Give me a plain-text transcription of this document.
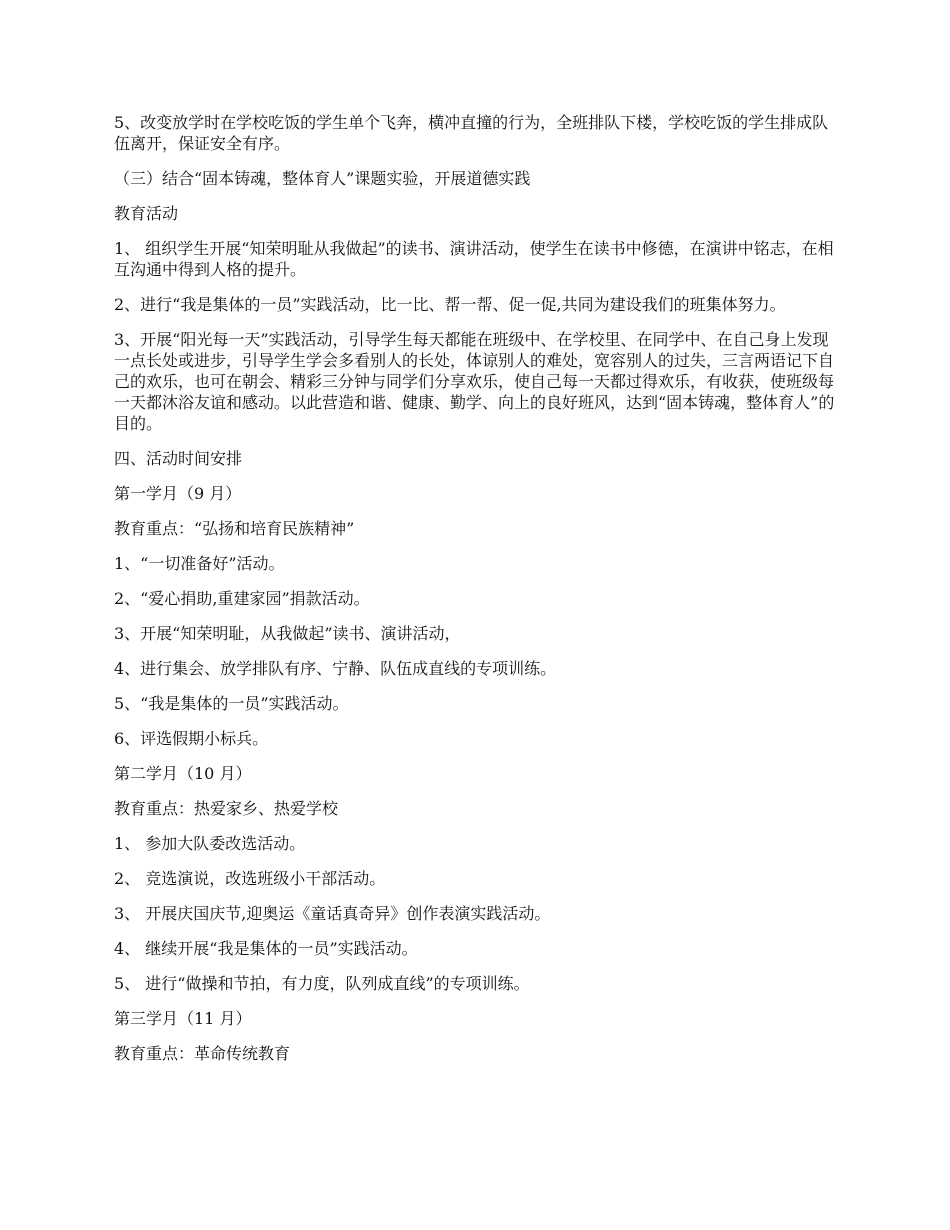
5、改变放学时在学校吃饭的学生单个飞奔，横冲直撞的行为，全班排队下楼，学校吃饭的学生排成队伍离开，保证安全有序。

（三）结合“固本铸魂，整体育人”课题实验，开展道德实践

教育活动

1、 组织学生开展“知荣明耻从我做起”的读书、演讲活动，使学生在读书中修德，在演讲中铭志，在相互沟通中得到人格的提升。

2、进行“我是集体的一员”实践活动，比一比、帮一帮、促一促,共同为建设我们的班集体努力。

3、开展“阳光每一天”实践活动，引导学生每天都能在班级中、在学校里、在同学中、在自己身上发现一点长处或进步，引导学生学会多看别人的长处，体谅别人的难处，宽容别人的过失，三言两语记下自己的欢乐，也可在朝会、精彩三分钟与同学们分享欢乐，使自己每一天都过得欢乐，有收获，使班级每一天都沐浴友谊和感动。以此营造和谐、健康、勤学、向上的良好班风，达到“固本铸魂，整体育人”的目的。

四、活动时间安排

第一学月（9 月）

教育重点：“弘扬和培育民族精神”

1、“一切准备好”活动。

2、“爱心捐助,重建家园”捐款活动。

3、开展“知荣明耻，从我做起”读书、演讲活动，

4、进行集会、放学排队有序、宁静、队伍成直线的专项训练。

5、“我是集体的一员”实践活动。

6、评选假期小标兵。

第二学月（10 月）

教育重点：热爱家乡、热爱学校

1、 参加大队委改选活动。

2、 竞选演说，改选班级小干部活动。

3、 开展庆国庆节,迎奥运《童话真奇异》创作表演实践活动。

4、 继续开展“我是集体的一员”实践活动。

5、 进行“做操和节拍，有力度，队列成直线”的专项训练。

第三学月（11 月）

教育重点：革命传统教育
